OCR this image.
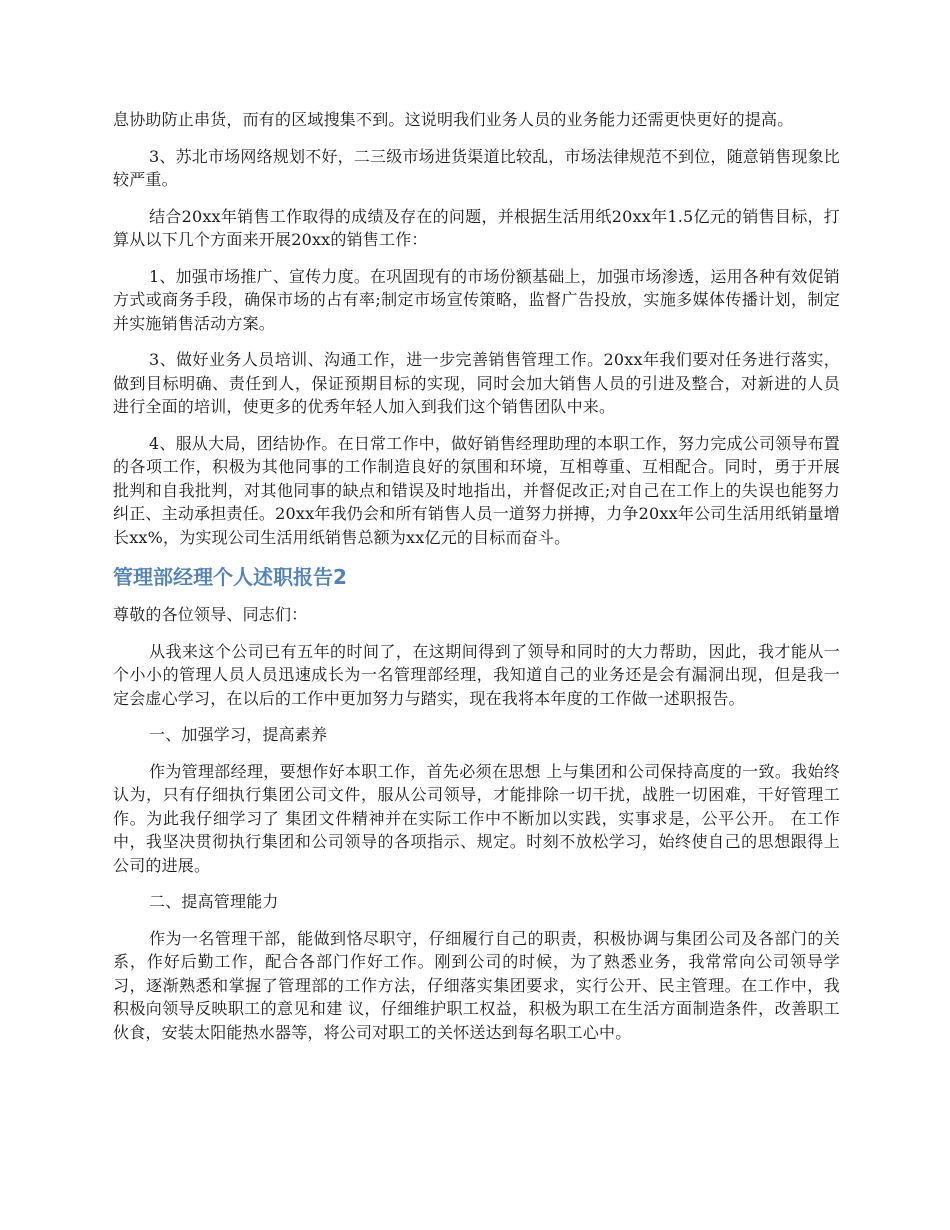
息协助防止串货，而有的区域搜集不到。这说明我们业务人员的业务能力还需更快更好的提高。

3、苏北市场网络规划不好，二三级市场进货渠道比较乱，市场法律规范不到位，随意销售现象比较严重。

结合20xx年销售工作取得的成绩及存在的问题，并根据生活用纸20xx年1.5亿元的销售目标，打算从以下几个方面来开展20xx的销售工作：

1、加强市场推广、宣传力度。在巩固现有的市场份额基础上，加强市场渗透，运用各种有效促销方式或商务手段，确保市场的占有率;制定市场宣传策略，监督广告投放，实施多媒体传播计划，制定并实施销售活动方案。

3、做好业务人员培训、沟通工作，进一步完善销售管理工作。20xx年我们要对任务进行落实，做到目标明确、责任到人，保证预期目标的实现，同时会加大销售人员的引进及整合，对新进的人员进行全面的培训，使更多的优秀年轻人加入到我们这个销售团队中来。

4、服从大局，团结协作。在日常工作中，做好销售经理助理的本职工作，努力完成公司领导布置的各项工作，积极为其他同事的工作制造良好的氛围和环境，互相尊重、互相配合。同时，勇于开展批判和自我批判，对其他同事的缺点和错误及时地指出，并督促改正;对自己在工作上的失误也能努力纠正、主动承担责任。20xx年我仍会和所有销售人员一道努力拼搏，力争20xx年公司生活用纸销量增长xx%，为实现公司生活用纸销售总额为xx亿元的目标而奋斗。

管理部经理个人述职报告2

尊敬的各位领导、同志们：

从我来这个公司已有五年的时间了，在这期间得到了领导和同时的大力帮助，因此，我才能从一个小小的管理人员人员迅速成长为一名管理部经理，我知道自己的业务还是会有漏洞出现，但是我一定会虚心学习，在以后的工作中更加努力与踏实，现在我将本年度的工作做一述职报告。

一、加强学习，提高素养

作为管理部经理，要想作好本职工作，首先必须在思想 上与集团和公司保持高度的一致。我始终认为，只有仔细执行集团公司文件，服从公司领导，才能排除一切干扰，战胜一切困难，干好管理工作。为此我仔细学习了 集团文件精神并在实际工作中不断加以实践，实事求是，公平公开。 在工作中，我坚决贯彻执行集团和公司领导的各项指示、规定。时刻不放松学习，始终使自己的思想跟得上公司的进展。

二、提高管理能力

作为一名管理干部，能做到恪尽职守，仔细履行自己的职责，积极协调与集团公司及各部门的关系，作好后勤工作，配合各部门作好工作。刚到公司的时候，为了熟悉业务，我常常向公司领导学习，逐渐熟悉和掌握了管理部的工作方法，仔细落实集团要求，实行公开、民主管理。在工作中，我积极向领导反映职工的意见和建 议，仔细维护职工权益，积极为职工在生活方面制造条件，改善职工伙食，安装太阳能热水器等，将公司对职工的关怀送达到每名职工心中。
